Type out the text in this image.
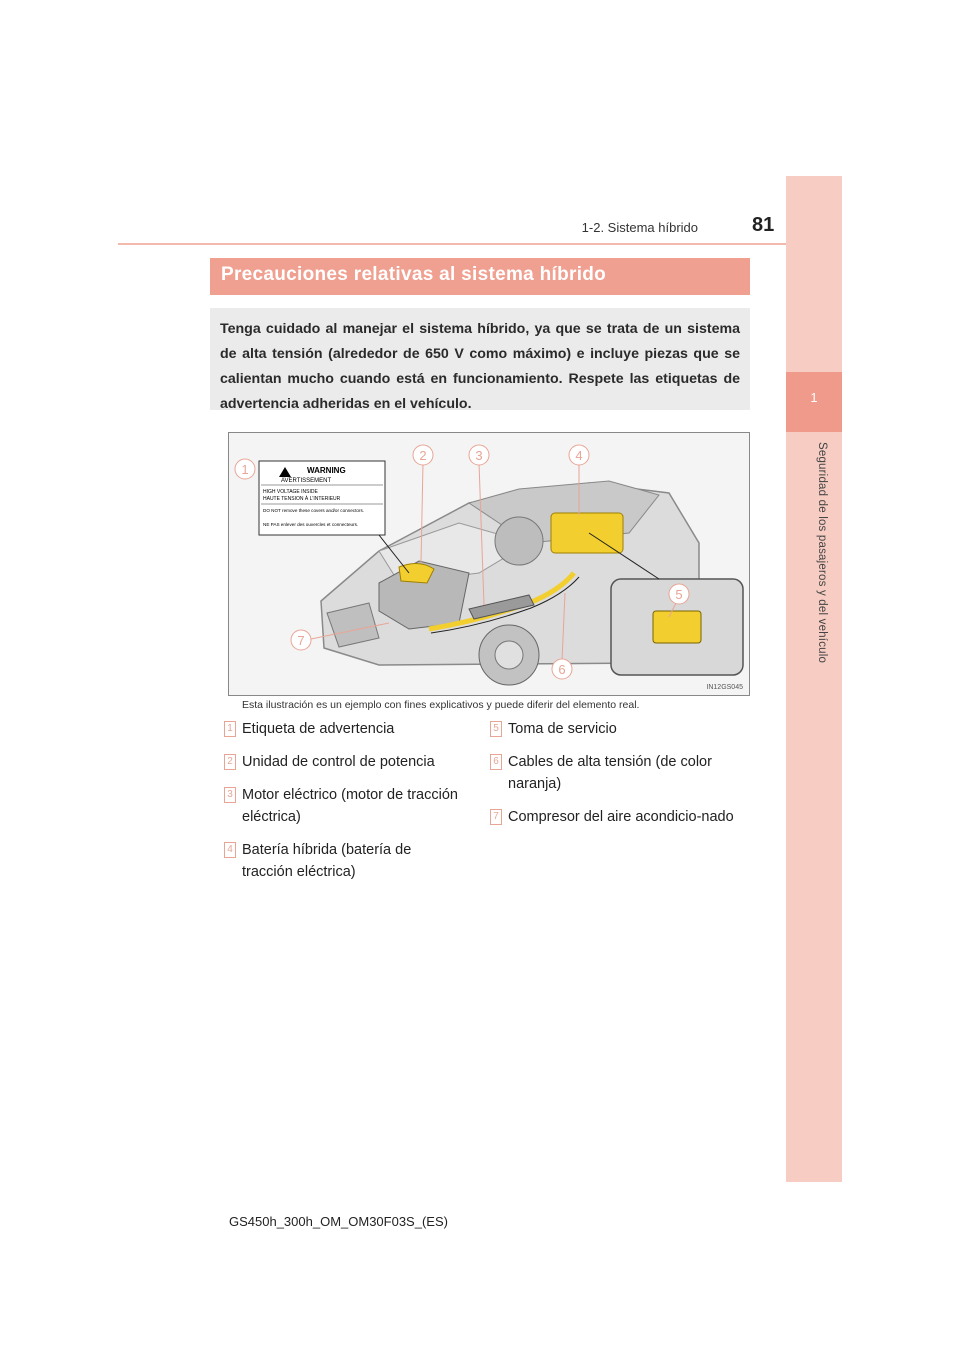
1
Seguridad de los pasajeros y del vehículo
1-2. Sistema híbrido	81
Precauciones relativas al sistema híbrido

Tenga cuidado al manejar el sistema híbrido, ya que se trata de un sistema de alta tensión (alrededor de 650 V como máximo) e incluye piezas que se calientan mucho cuando está en funcionamiento. Respete las etiquetas de advertencia adheridas en el vehículo.

WARNING
AVERTISSEMENT
HIGH VOLTAGE INSIDE
HAUTE TENSION À L'INTERIEUR
DO NOT remove these covers and/or connectors.
NE PAS enlever des ouvercles et connecteurs.
1
2	3	4
5
6
7
IN12GS045
Esta ilustración es un ejemplo con fines explicativos y puede diferir del elemento real.
1 Etiqueta de advertencia
2 Unidad de control de potencia
3 Motor eléctrico (motor de tracción eléctrica)
4 Batería híbrida (batería de tracción eléctrica)
5 Toma de servicio
6 Cables de alta tensión (de color naranja)
7 Compresor del aire acondicio-nado
GS450h_300h_OM_OM30F03S_(ES)
